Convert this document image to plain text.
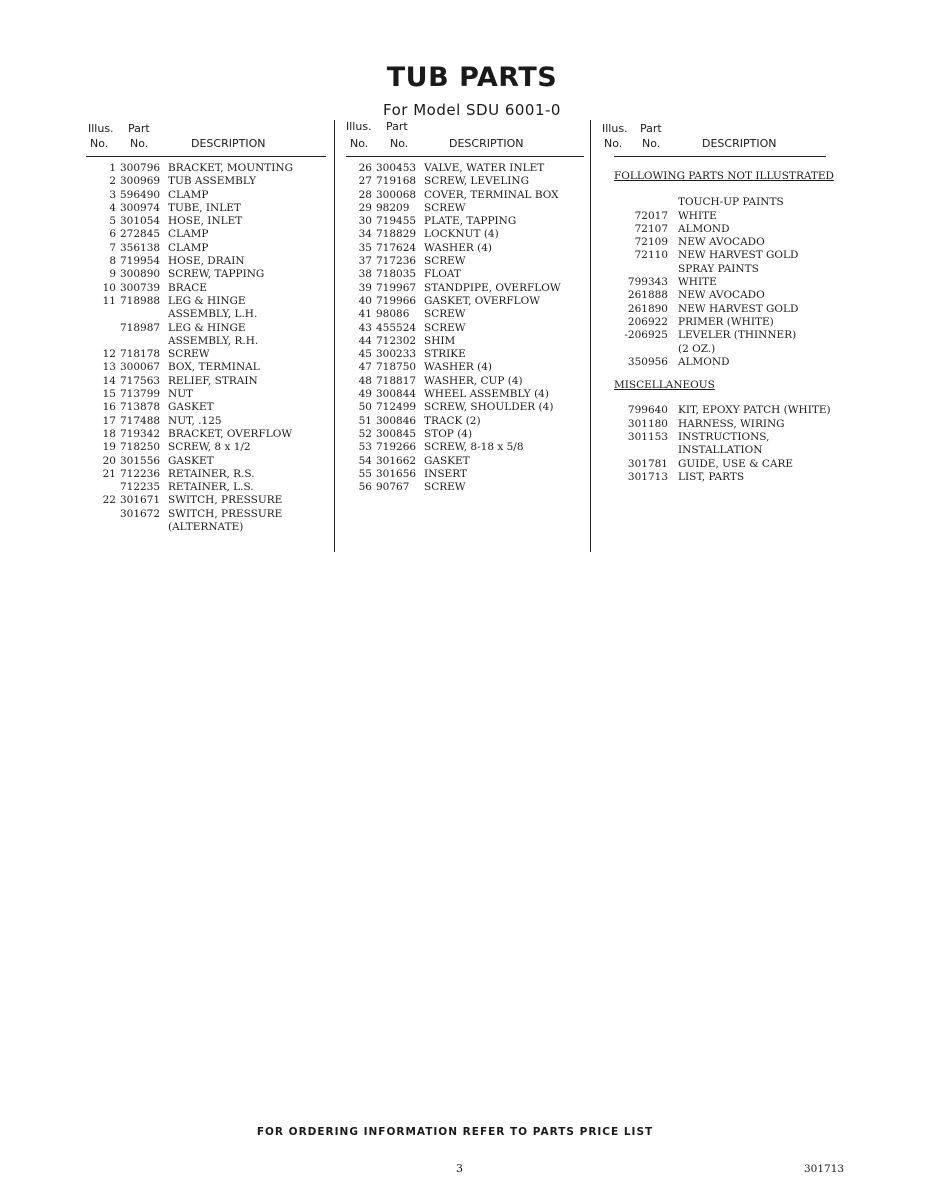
TUB PARTS
For Model SDU 6001-0
Illus. Part
No. No.	DESCRIPTION
1 300796 BRACKET, MOUNTING
2 300969 TUB ASSEMBLY
3 596490 CLAMP
4 300974 TUBE, INLET
5 301054 HOSE, INLET
6 272845 CLAMP
7 356138 CLAMP
8 719954 HOSE, DRAIN
9 300890 SCREW, TAPPING
10 300739 BRACE
11 718988 LEG & HINGE
ASSEMBLY, L.H.
718987 LEG & HINGE
ASSEMBLY, R.H.
12 718178 SCREW
13 300067 BOX, TERMINAL
14 717563 RELIEF, STRAIN
15 713799 NUT
16 713878 GASKET
17 717488 NUT, .125
18 719342 BRACKET, OVERFLOW
19 718250 SCREW, 8 x 1/2
20 301556 GASKET
21 712236 RETAINER, R.S.
712235 RETAINER, L.S.
22 301671 SWITCH, PRESSURE
301672 SWITCH, PRESSURE
(ALTERNATE)
Illus. Part
No. No.	DESCRIPTION
26 300453 VALVE, WATER INLET
27 719168 SCREW, LEVELING
28 300068 COVER, TERMINAL BOX
29 98209 SCREW
30 719455 PLATE, TAPPING
34 718829 LOCKNUT (4)
35 717624 WASHER (4)
37 717236 SCREW
38 718035 FLOAT
39 719967 STANDPIPE, OVERFLOW
40 719966 GASKET, OVERFLOW
41 98086 SCREW
43 455524 SCREW
44 712302 SHIM
45 300233 STRIKE
47 718750 WASHER (4)
48 718817 WASHER, CUP (4)
49 300844 WHEEL ASSEMBLY (4)
50 712499 SCREW, SHOULDER (4)
51 300846 TRACK (2)
52 300845 STOP (4)
53 719266 SCREW, 8-18 x 5/8
54 301662 GASKET
55 301656 INSERT
56 90767 SCREW
Illus. Part
No. No.	DESCRIPTION
FOLLOWING PARTS NOT ILLUSTRATED
TOUCH-UP PAINTS
72017 WHITE
72107 ALMOND
72109 NEW AVOCADO
72110 NEW HARVEST GOLD
SPRAY PAINTS
799343 WHITE
261888 NEW AVOCADO
261890 NEW HARVEST GOLD
206922 PRIMER (WHITE)
-206925 LEVELER (THINNER)
(2 OZ.)
350956 ALMOND
MISCELLANEOUS
799640 KIT, EPOXY PATCH (WHITE)
301180 HARNESS, WIRING
301153 INSTRUCTIONS,
INSTALLATION
301781 GUIDE, USE & CARE
301713 LIST, PARTS
FOR ORDERING INFORMATION REFER TO PARTS PRICE LIST
3	301713
